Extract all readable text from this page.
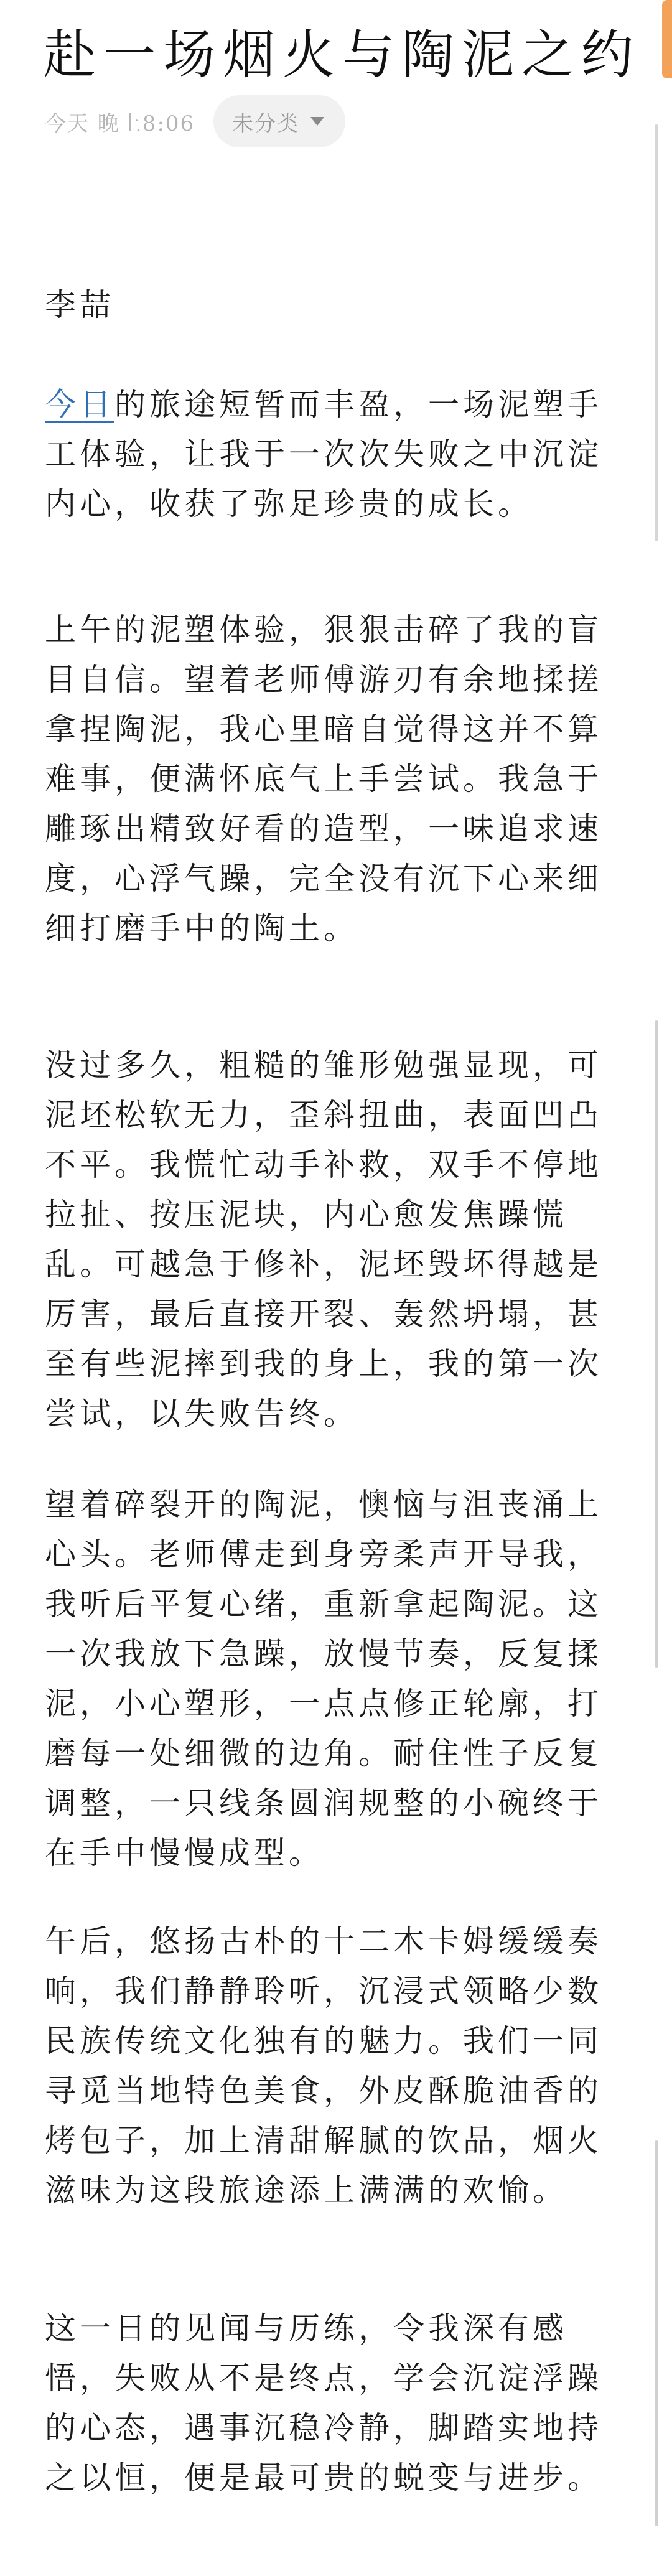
赴一场烟火与陶泥之约
今天 晚上8:06 未分类

李喆

今日的旅途短暂而丰盈，一场泥塑手工体验，让我于一次次失败之中沉淀内心，收获了弥足珍贵的成长。

上午的泥塑体验，狠狠击碎了我的盲目自信。望着老师傅游刃有余地揉搓拿捏陶泥，我心里暗自觉得这并不算难事，便满怀底气上手尝试。我急于雕琢出精致好看的造型，一味追求速度，心浮气躁，完全没有沉下心来细细打磨手中的陶土。

没过多久，粗糙的雏形勉强显现，可泥坯松软无力，歪斜扭曲，表面凹凸不平。我慌忙动手补救，双手不停地拉扯、按压泥块，内心愈发焦躁慌乱。可越急于修补，泥坯毁坏得越是厉害，最后直接开裂、轰然坍塌，甚至有些泥摔到我的身上，我的第一次尝试，以失败告终。

望着碎裂开的陶泥，懊恼与沮丧涌上心头。老师傅走到身旁柔声开导我，我听后平复心绪，重新拿起陶泥。这一次我放下急躁，放慢节奏，反复揉泥，小心塑形，一点点修正轮廓，打磨每一处细微的边角。耐住性子反复调整，一只线条圆润规整的小碗终于在手中慢慢成型。

午后，悠扬古朴的十二木卡姆缓缓奏响，我们静静聆听，沉浸式领略少数民族传统文化独有的魅力。我们一同寻觅当地特色美食，外皮酥脆油香的烤包子，加上清甜解腻的饮品，烟火滋味为这段旅途添上满满的欢愉。

这一日的见闻与历练，令我深有感悟，失败从不是终点，学会沉淀浮躁的心态，遇事沉稳冷静，脚踏实地持之以恒，便是最可贵的蜕变与进步。
